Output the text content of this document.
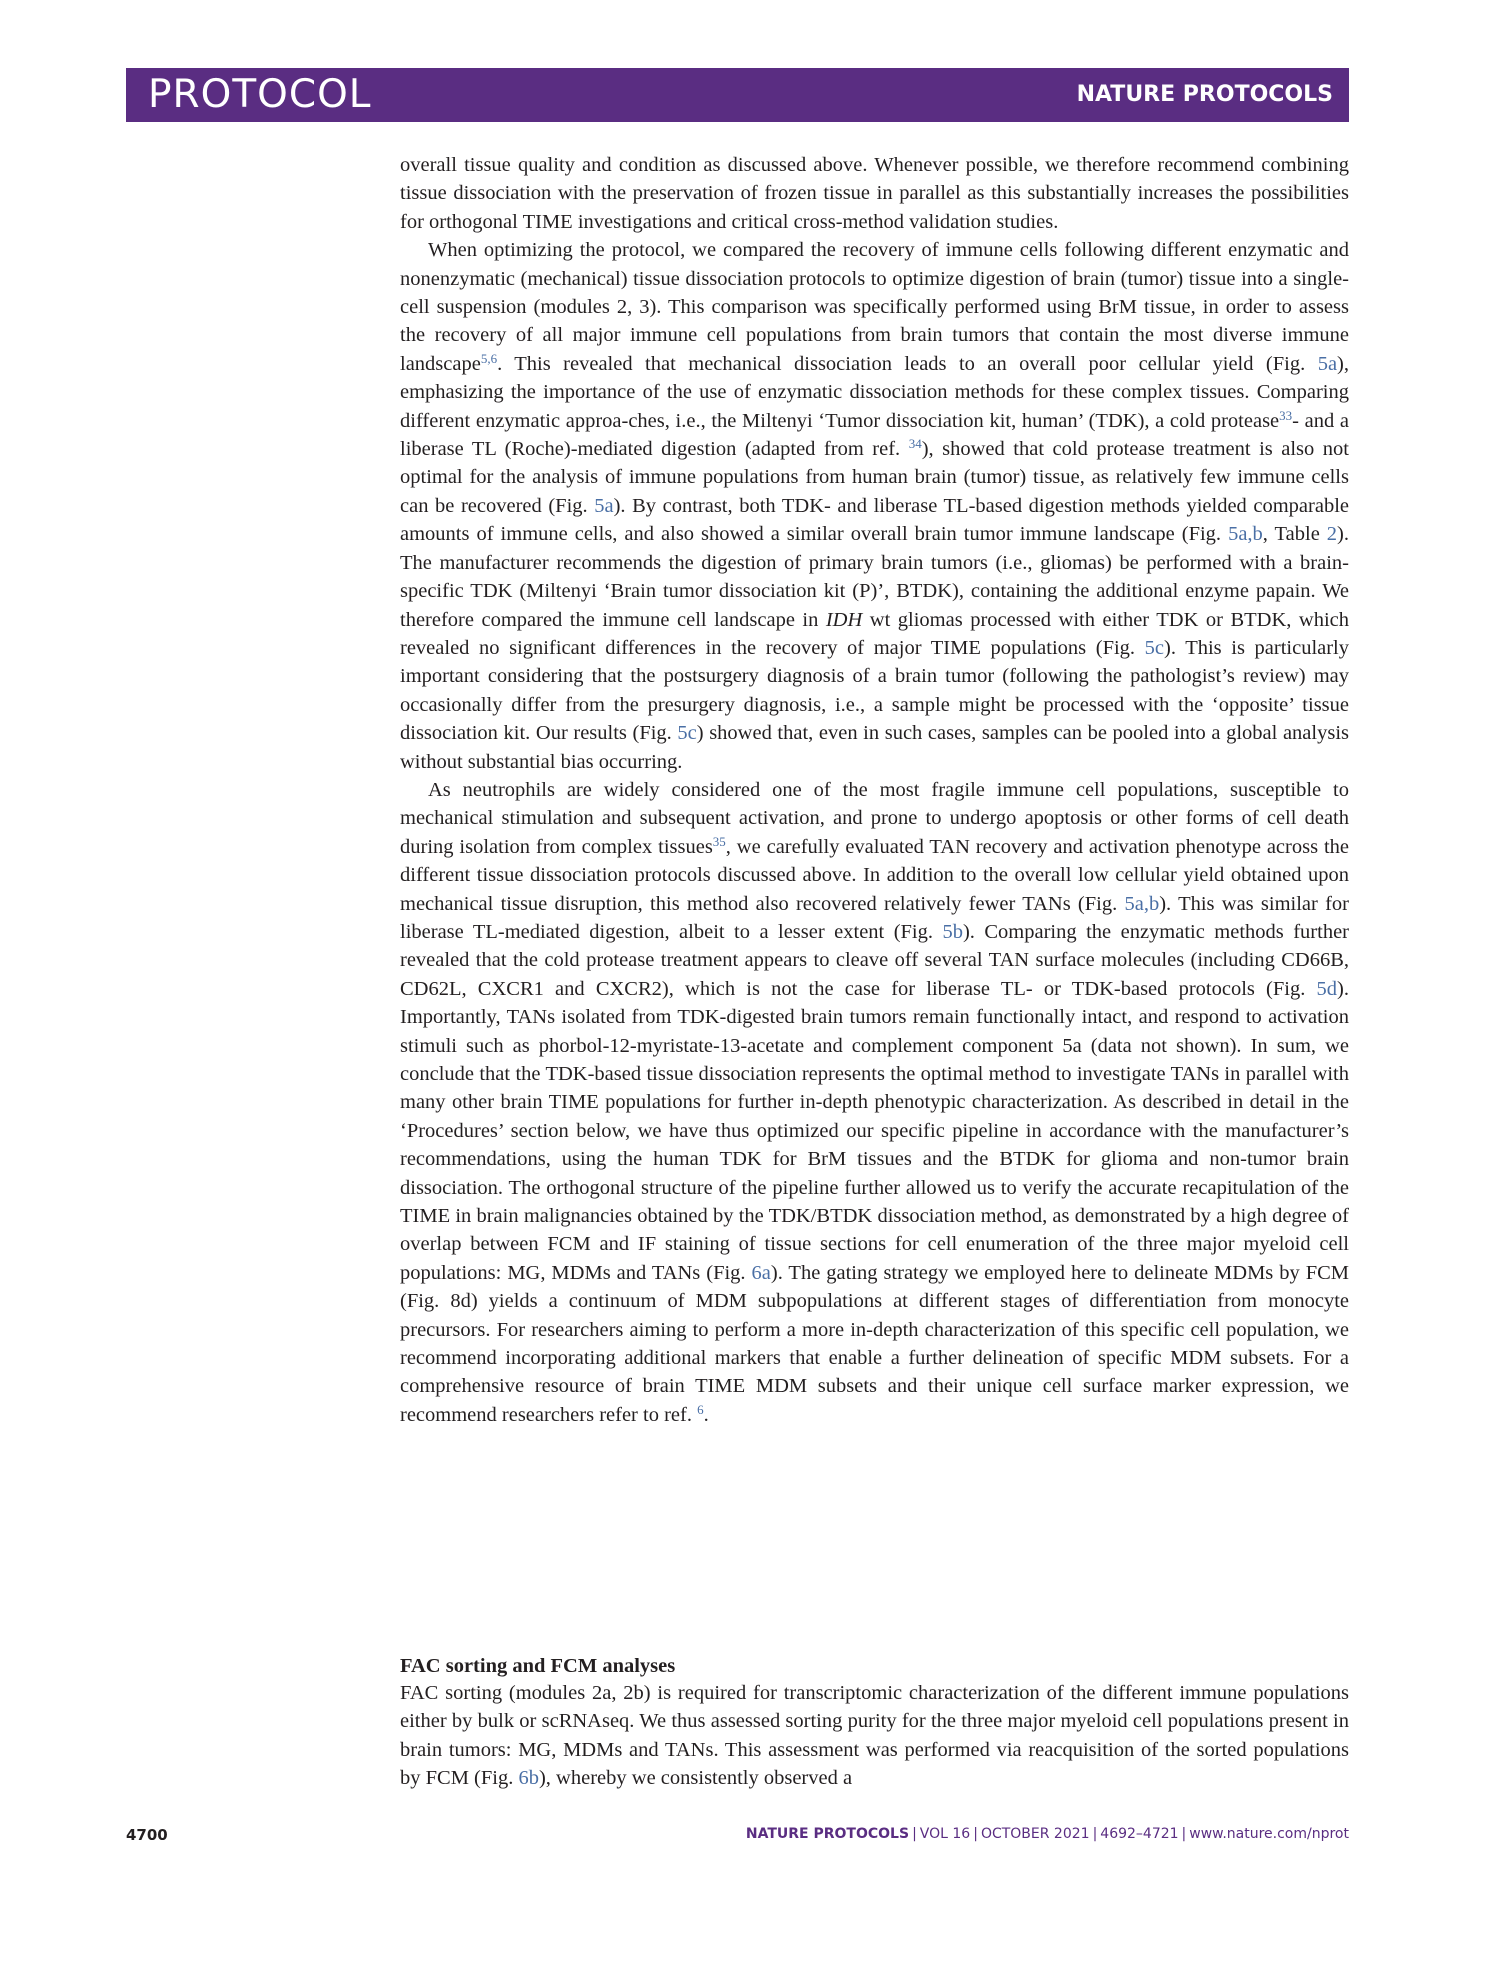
PROTOCOL	NATURE PROTOCOLS

overall tissue quality and condition as discussed above. Whenever possible, we therefore recommend combining tissue dissociation with the preservation of frozen tissue in parallel as this substantially increases the possibilities for orthogonal TIME investigations and critical cross-method validation studies.

When optimizing the protocol, we compared the recovery of immune cells following different enzymatic and nonenzymatic (mechanical) tissue dissociation protocols to optimize digestion of brain (tumor) tissue into a single-cell suspension (modules 2, 3). This comparison was specifically performed using BrM tissue, in order to assess the recovery of all major immune cell populations from brain tumors that contain the most diverse immune landscape$^{5,6}$. This revealed that mechanical dissociation leads to an overall poor cellular yield (Fig. 5a), emphasizing the importance of the use of enzymatic dissociation methods for these complex tissues. Comparing different enzymatic approa-ches, i.e., the Miltenyi ‘Tumor dissociation kit, human’ (TDK), a cold protease$^{33}$- and a liberase TL (Roche)-mediated digestion (adapted from ref. $^{34}$), showed that cold protease treatment is also not optimal for the analysis of immune populations from human brain (tumor) tissue, as relatively few immune cells can be recovered (Fig. 5a). By contrast, both TDK- and liberase TL-based digestion methods yielded comparable amounts of immune cells, and also showed a similar overall brain tumor immune landscape (Fig. 5a,b, Table 2). The manufacturer recommends the digestion of primary brain tumors (i.e., gliomas) be performed with a brain-specific TDK (Miltenyi ‘Brain tumor dissociation kit (P)’, BTDK), containing the additional enzyme papain. We therefore compared the immune cell landscape in IDH wt gliomas processed with either TDK or BTDK, which revealed no significant differences in the recovery of major TIME populations (Fig. 5c). This is particularly important considering that the postsurgery diagnosis of a brain tumor (following the pathologist’s review) may occasionally differ from the presurgery diagnosis, i.e., a sample might be processed with the ‘opposite’ tissue dissociation kit. Our results (Fig. 5c) showed that, even in such cases, samples can be pooled into a global analysis without substantial bias occurring.

As neutrophils are widely considered one of the most fragile immune cell populations, susceptible to mechanical stimulation and subsequent activation, and prone to undergo apoptosis or other forms of cell death during isolation from complex tissues$^{35}$, we carefully evaluated TAN recovery and activation phenotype across the different tissue dissociation protocols discussed above. In addition to the overall low cellular yield obtained upon mechanical tissue disruption, this method also recovered relatively fewer TANs (Fig. 5a,b). This was similar for liberase TL-mediated digestion, albeit to a lesser extent (Fig. 5b). Comparing the enzymatic methods further revealed that the cold protease treatment appears to cleave off several TAN surface molecules (including CD66B, CD62L, CXCR1 and CXCR2), which is not the case for liberase TL- or TDK-based protocols (Fig. 5d). Importantly, TANs isolated from TDK-digested brain tumors remain functionally intact, and respond to activation stimuli such as phorbol-12-myristate-13-acetate and complement component 5a (data not shown). In sum, we conclude that the TDK-based tissue dissociation represents the optimal method to investigate TANs in parallel with many other brain TIME populations for further in-depth phenotypic characterization. As described in detail in the ‘Procedures’ section below, we have thus optimized our specific pipeline in accordance with the manufacturer’s recommendations, using the human TDK for BrM tissues and the BTDK for glioma and non-tumor brain dissociation. The orthogonal structure of the pipeline further allowed us to verify the accurate recapitulation of the TIME in brain malignancies obtained by the TDK/BTDK dissociation method, as demonstrated by a high degree of overlap between FCM and IF staining of tissue sections for cell enumeration of the three major myeloid cell populations: MG, MDMs and TANs (Fig. 6a). The gating strategy we employed here to delineate MDMs by FCM (Fig. 8d) yields a continuum of MDM subpopulations at different stages of differentiation from monocyte precursors. For researchers aiming to perform a more in-depth characterization of this specific cell population, we recommend incorporating additional markers that enable a further delineation of specific MDM subsets. For a comprehensive resource of brain TIME MDM subsets and their unique cell surface marker expression, we recommend researchers refer to ref. $^6$.

FAC sorting and FCM analyses

FAC sorting (modules 2a, 2b) is required for transcriptomic characterization of the different immune populations either by bulk or scRNAseq. We thus assessed sorting purity for the three major myeloid cell populations present in brain tumors: MG, MDMs and TANs. This assessment was performed via reacquisition of the sorted populations by FCM (Fig. 6b), whereby we consistently observed a

4700	NATURE PROTOCOLS | VOL 16 | OCTOBER 2021 | 4692–4721 | www.nature.com/nprot
